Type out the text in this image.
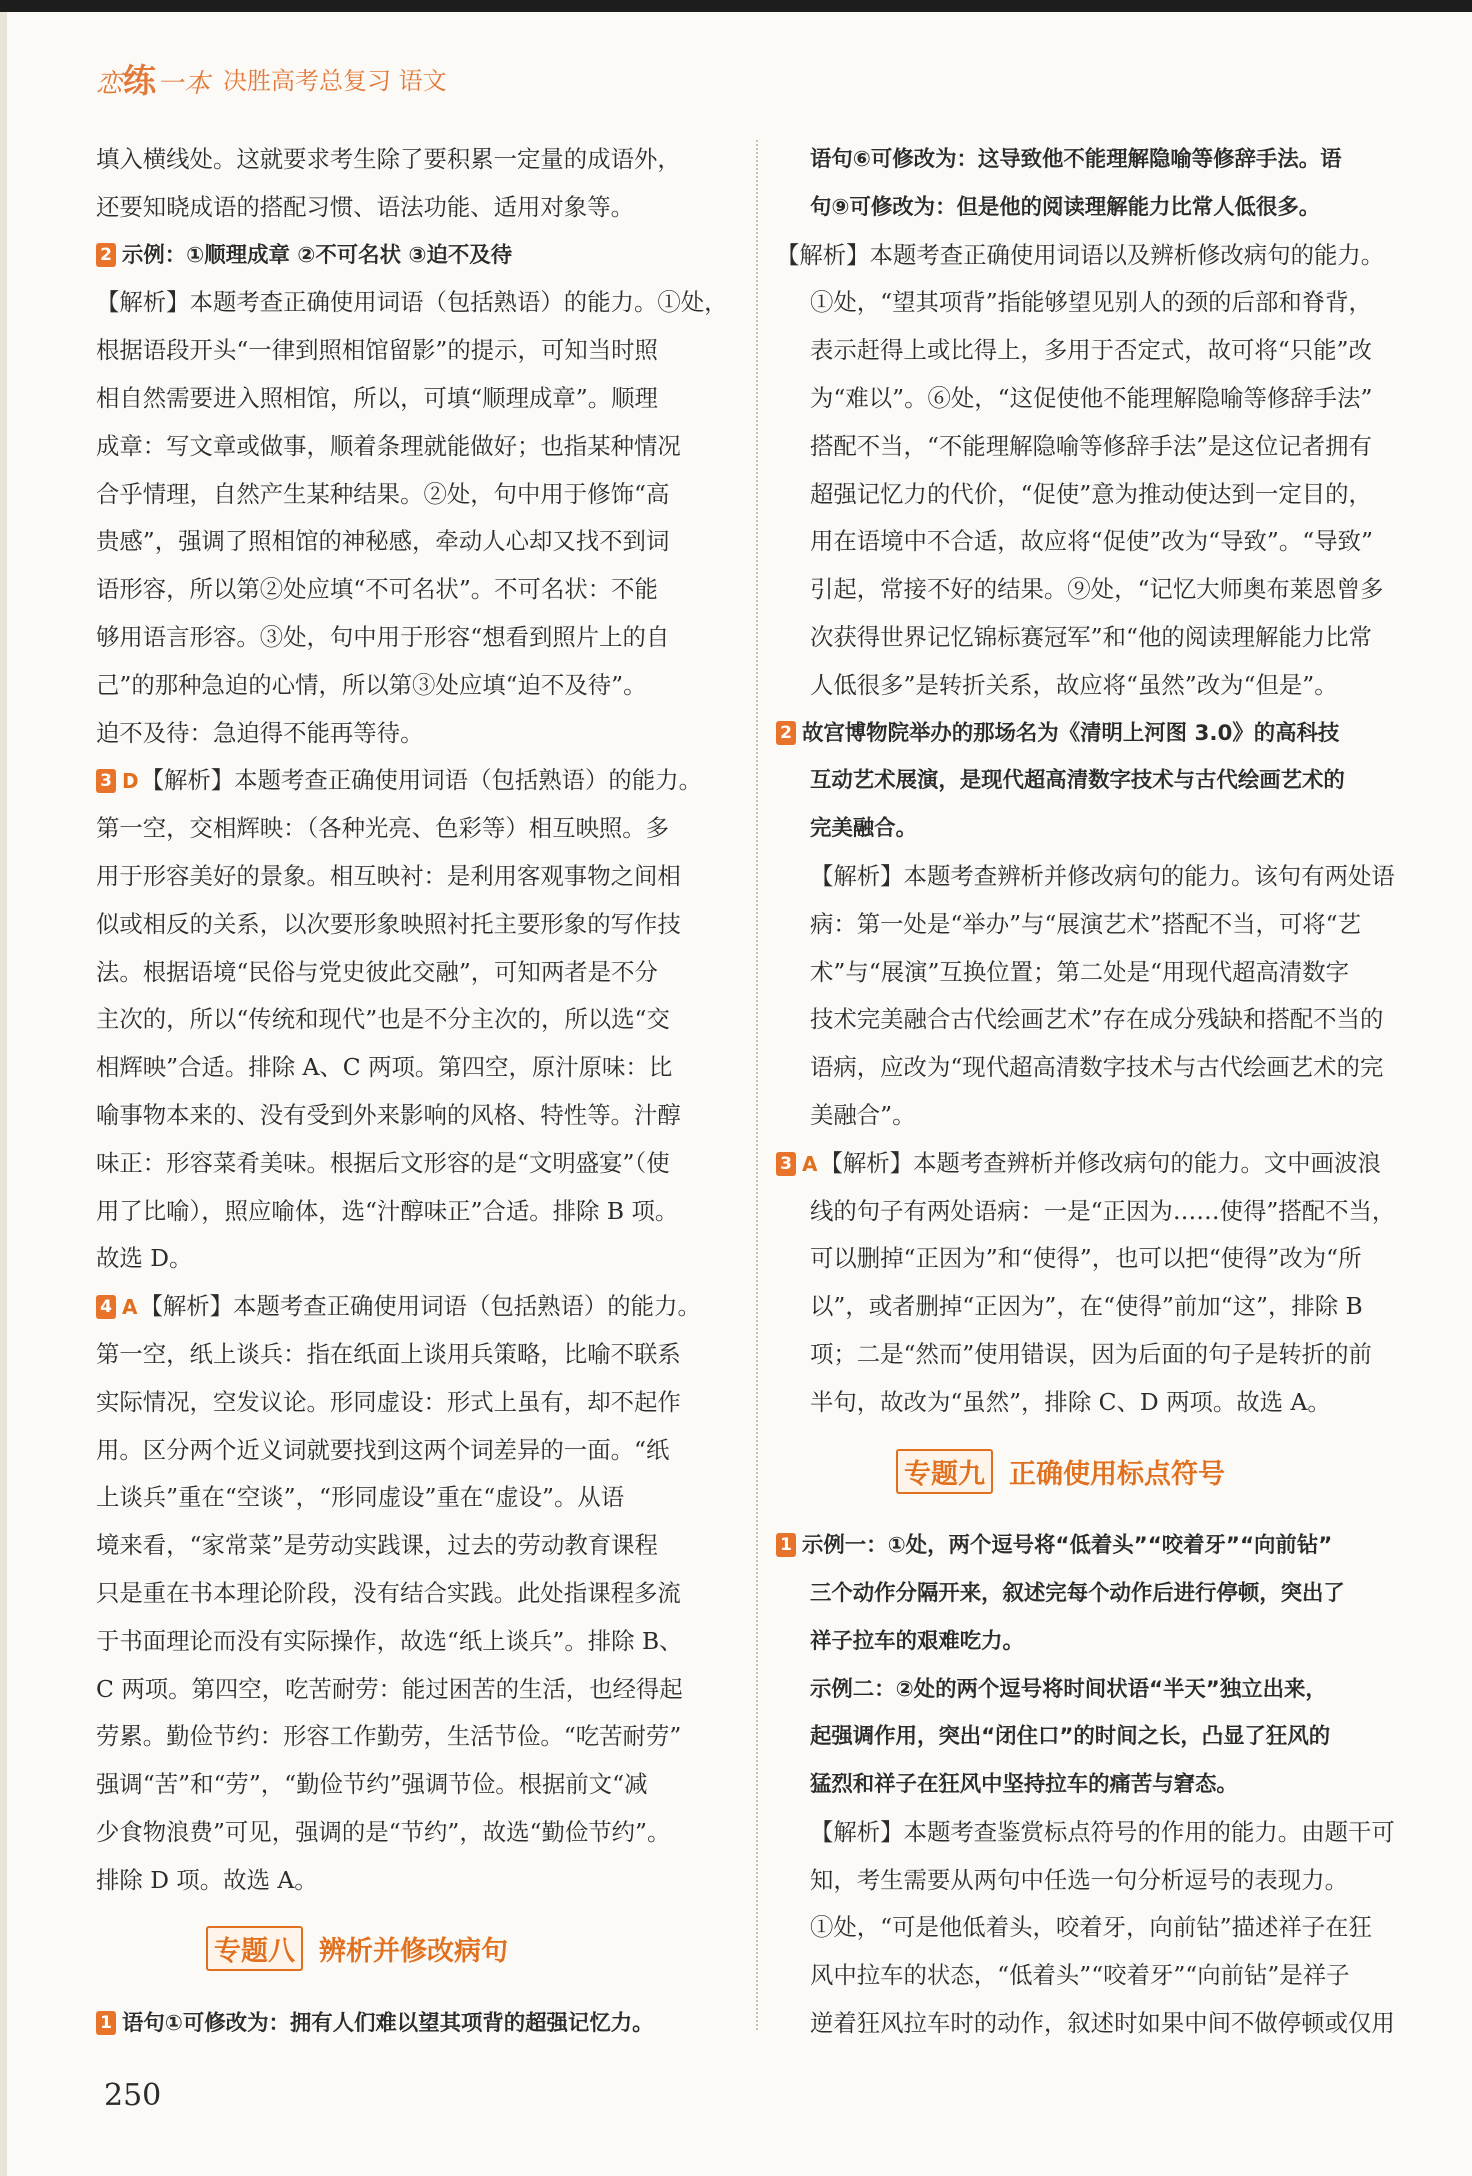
恋练一本 决胜高考总复习 语文
填入横线处。这就要求考生除了要积累一定量的成语外，
还要知晓成语的搭配习惯、语法功能、适用对象等。
2 示例：①顺理成章 ②不可名状 ③迫不及待
【解析】本题考查正确使用词语（包括熟语）的能力。①处，
根据语段开头“一律到照相馆留影”的提示，可知当时照
相自然需要进入照相馆，所以，可填“顺理成章”。顺理
成章：写文章或做事，顺着条理就能做好；也指某种情况
合乎情理，自然产生某种结果。②处，句中用于修饰“高
贵感”，强调了照相馆的神秘感，牵动人心却又找不到词
语形容，所以第②处应填“不可名状”。不可名状：不能
够用语言形容。③处，句中用于形容“想看到照片上的自
己”的那种急迫的心情，所以第③处应填“迫不及待”。
迫不及待：急迫得不能再等待。
3 D【解析】本题考查正确使用词语（包括熟语）的能力。
第一空，交相辉映：（各种光亮、色彩等）相互映照。多
用于形容美好的景象。相互映衬：是利用客观事物之间相
似或相反的关系，以次要形象映照衬托主要形象的写作技
法。根据语境“民俗与党史彼此交融”，可知两者是不分
主次的，所以“传统和现代”也是不分主次的，所以选“交
相辉映”合适。排除 A、C 两项。第四空，原汁原味：比
喻事物本来的、没有受到外来影响的风格、特性等。汁醇
味正：形容菜肴美味。根据后文形容的是“文明盛宴”（使
用了比喻），照应喻体，选“汁醇味正”合适。排除 B 项。
故选 D。
4 A【解析】本题考查正确使用词语（包括熟语）的能力。
第一空，纸上谈兵：指在纸面上谈用兵策略，比喻不联系
实际情况，空发议论。形同虚设：形式上虽有，却不起作
用。区分两个近义词就要找到这两个词差异的一面。“纸
上谈兵”重在“空谈”，“形同虚设”重在“虚设”。从语
境来看，“家常菜”是劳动实践课，过去的劳动教育课程
只是重在书本理论阶段，没有结合实践。此处指课程多流
于书面理论而没有实际操作，故选“纸上谈兵”。排除 B、
C 两项。第四空，吃苦耐劳：能过困苦的生活，也经得起
劳累。勤俭节约：形容工作勤劳，生活节俭。“吃苦耐劳”
强调“苦”和“劳”，“勤俭节约”强调节俭。根据前文“减
少食物浪费”可见，强调的是“节约”，故选“勤俭节约”。
排除 D 项。故选 A。
专题八 辨析并修改病句
1 语句①可修改为：拥有人们难以望其项背的超强记忆力。
语句⑥可修改为：这导致他不能理解隐喻等修辞手法。语
句⑨可修改为：但是他的阅读理解能力比常人低很多。
【解析】本题考查正确使用词语以及辨析修改病句的能力。
①处，“望其项背”指能够望见别人的颈的后部和脊背，
表示赶得上或比得上，多用于否定式，故可将“只能”改
为“难以”。⑥处，“这促使他不能理解隐喻等修辞手法”
搭配不当，“不能理解隐喻等修辞手法”是这位记者拥有
超强记忆力的代价，“促使”意为推动使达到一定目的，
用在语境中不合适，故应将“促使”改为“导致”。“导致”
引起，常接不好的结果。⑨处，“记忆大师奥布莱恩曾多
次获得世界记忆锦标赛冠军”和“他的阅读理解能力比常
人低很多”是转折关系，故应将“虽然”改为“但是”。
2 故宫博物院举办的那场名为《清明上河图 3.0》的高科技
互动艺术展演，是现代超高清数字技术与古代绘画艺术的
完美融合。
【解析】本题考查辨析并修改病句的能力。该句有两处语
病：第一处是“举办”与“展演艺术”搭配不当，可将“艺
术”与“展演”互换位置；第二处是“用现代超高清数字
技术完美融合古代绘画艺术”存在成分残缺和搭配不当的
语病，应改为“现代超高清数字技术与古代绘画艺术的完
美融合”。
3 A【解析】本题考查辨析并修改病句的能力。文中画波浪
线的句子有两处语病：一是“正因为……使得”搭配不当，
可以删掉“正因为”和“使得”，也可以把“使得”改为“所
以”，或者删掉“正因为”，在“使得”前加“这”，排除 B
项；二是“然而”使用错误，因为后面的句子是转折的前
半句，故改为“虽然”，排除 C、D 两项。故选 A。
专题九 正确使用标点符号
1 示例一：①处，两个逗号将“低着头”“咬着牙”“向前钻”
三个动作分隔开来，叙述完每个动作后进行停顿，突出了
祥子拉车的艰难吃力。
示例二：②处的两个逗号将时间状语“半天”独立出来，
起强调作用，突出“闭住口”的时间之长，凸显了狂风的
猛烈和祥子在狂风中坚持拉车的痛苦与窘态。
【解析】本题考查鉴赏标点符号的作用的能力。由题干可
知，考生需要从两句中任选一句分析逗号的表现力。
①处，“可是他低着头，咬着牙，向前钻”描述祥子在狂
风中拉车的状态，“低着头”“咬着牙”“向前钻”是祥子
逆着狂风拉车时的动作，叙述时如果中间不做停顿或仅用
250
